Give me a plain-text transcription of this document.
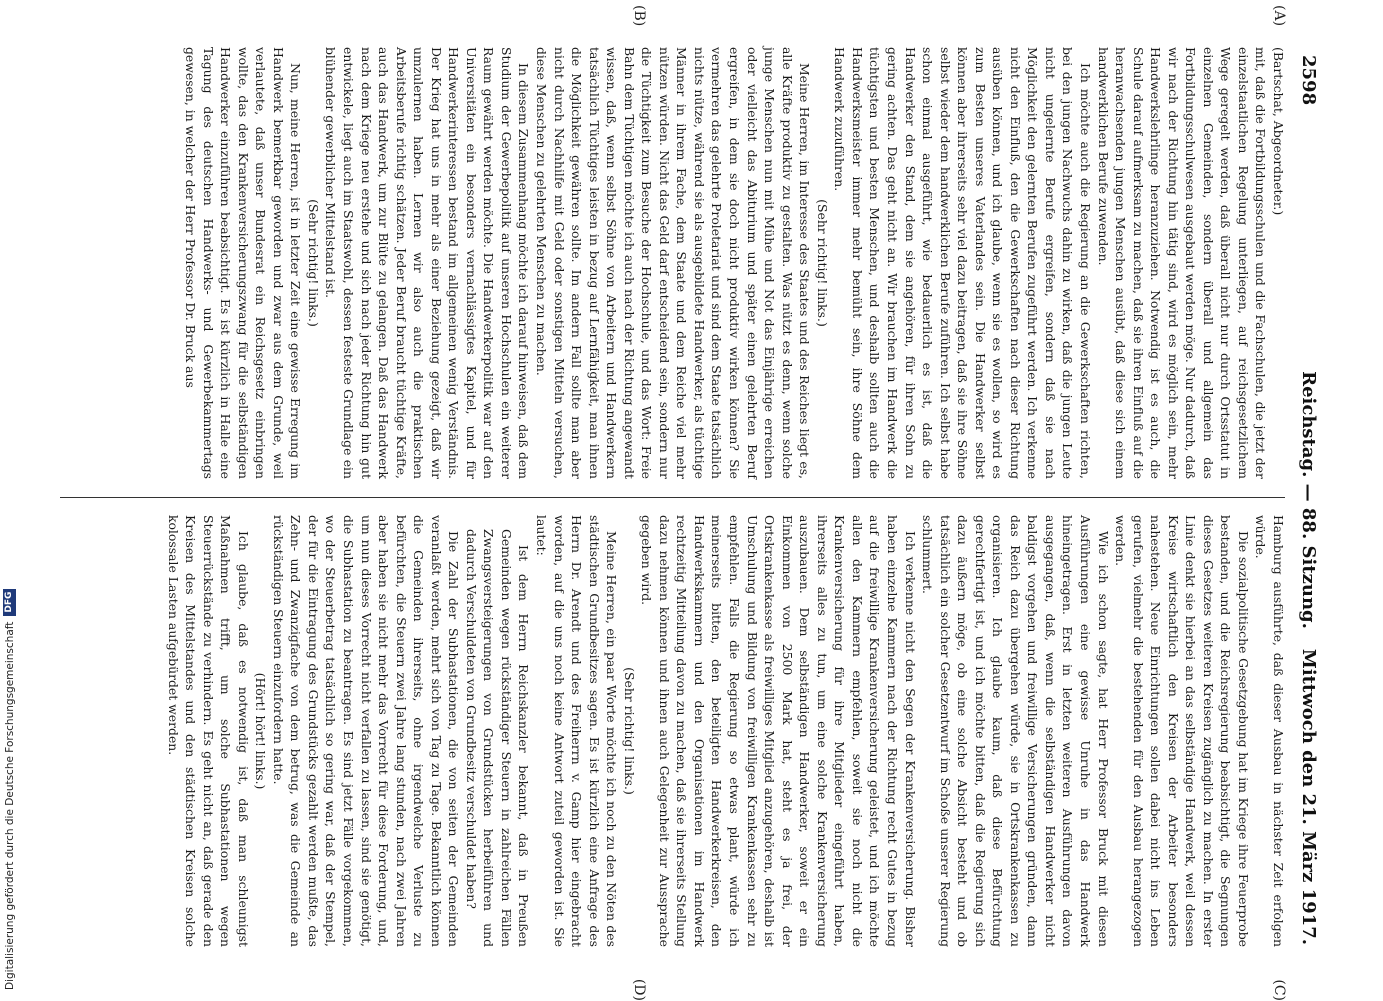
2598
Reichstag. — 88. Sitzung.
Mittwoch den 21. März 1917.
(A)
(B)
(C)
(D)

(Bartschat, Abgeordneter.)

mit, daß die Fortbildungsschulen und die Fachschulen, die jetzt der einzelstaatlichen Regelung unterliegen, auf reichsgesetzlichem Wege geregelt werden, daß überall nicht nur durch Ortsstatut in einzelnen Gemeinden, sondern überall und allgemein das Fortbildungsschulwesen ausgebaut werden möge. Nur dadurch, daß wir nach der Richtung hin tätig sind, wird es möglich sein, mehr Handwerkslehrlinge heranzuziehen. Notwendig ist es auch, die Schule darauf aufmerksam zu machen, daß sie ihren Einfluß auf die heranwachsenden jungen Menschen ausübt, daß diese sich einem handwerklichen Berufe zuwenden.

Ich möchte auch die Regierung an die Gewerkschaften richten, bei den jungen Nachwuchs dahin zu wirken, daß die jungen Leute nicht ungelernte Berufe ergreifen, sondern daß sie nach Möglichkeit den gelernten Berufen zugeführt werden. Ich verkenne nicht den Einfluß, den die Gewerkschaften nach dieser Richtung ausüben können, und ich glaube, wenn sie es wollen, so wird es zum Besten unseres Vaterlandes sein. Die Handwerker selbst können aber ihrerseits sehr viel dazu beitragen, daß sie ihre Söhne selbst wieder dem handwerklichen Berufe zuführen. Ich selbst habe schon einmal ausgeführt, wie bedauerlich es ist, daß die Handwerker den Stand, dem sie angehören, für ihren Sohn zu gering achten. Das geht nicht an. Wir brauchen im Handwerk die tüchtigsten und besten Menschen, und deshalb sollten auch die Handwerksmeister immer mehr bemüht sein, ihre Söhne dem Handwerk zuzuführen.

(Sehr richtig! links.)

Meine Herren, im Interesse des Staates und des Reiches liegt es, alle Kräfte produktiv zu gestalten. Was nützt es denn, wenn solche junge Menschen nun mit Mühe und Not das Einjährige erreichen oder vielleicht das Abiturium und später einen gelehrten Beruf ergreifen, in dem sie doch nicht produktiv wirken können? Sie vermehren das gelehrte Proletariat und sind dem Staate tatsächlich nichts nütze, während sie als ausgebildete Handwerker, als tüchtige Männer in ihrem Fache, dem Staate und dem Reiche viel mehr nützen würden. Nicht das Geld darf entscheidend sein, sondern nur die Tüchtigkeit zum Besuche der Hochschule, und das Wort: Freie Bahn dem Tüchtigen möchte ich auch nach der Richtung angewandt wissen, daß, wenn selbst Söhne von Arbeitern und Handwerkern tatsächlich Tüchtiges leisten in bezug auf Lernfähigkeit, man ihnen die Möglichkeit gewähren sollte. Im andern Fall sollte man aber nicht durch Nachhilfe mit Geld oder sonstigen Mitteln versuchen, diese Menschen zu gelehrten Menschen zu machen.

In diesem Zusammenhang möchte ich darauf hinweisen, daß dem Studium der Gewerbepolitik auf unseren Hochschulen ein weiterer Raum gewährt werden möchte. Die Handwerkerpolitik war auf den Universitäten ein besonders vernachlässigtes Kapitel, und für Handwerkerinteressen bestand im allgemeinen wenig Verständnis. Der Krieg hat uns in mehr als einer Beziehung gezeigt, daß wir umzulernen haben. Lernen wir also auch die praktischen Arbeitsberufe richtig schätzen. Jeder Beruf braucht tüchtige Kräfte, auch das Handwerk, um zur Blüte zu gelangen. Daß das Handwerk nach dem Kriege neu erstehe und sich nach jeder Richtung hin gut entwickele, liegt auch im Staatswohl, dessen festeste Grundlage ein blühender gewerblicher Mittelstand ist.

(Sehr richtig! links.)

Nun, meine Herren, ist in letzter Zeit eine gewisse Erregung im Handwerk bemerkbar geworden und zwar aus dem Grunde, weil verlautete, daß unser Bundesrat ein Reichsgesetz einbringen wollte, das den Krankenversicherungszwang für die selbständigen Handwerker einzuführen beabsichtigt. Es ist kürzlich in Halle eine Tagung des deutschen Handwerks- und Gewerbekammertags gewesen, in welcher der Herr Professor Dr. Bruck aus

Hamburg ausführte, daß dieser Ausbau in nächster Zeit erfolgen würde.

Die sozialpolitische Gesetzgebung hat im Kriege ihre Feuerprobe bestanden, und die Reichsregierung beabsichtigt, die Segnungen dieses Gesetzes weiteren Kreisen zugänglich zu machen. In erster Linie denkt sie hierbei an das selbständige Handwerk, weil dessen Kreise wirtschaftlich den Kreisen der Arbeiter besonders nahestehen. Neue Einrichtungen sollen dabei nicht ins Leben gerufen, vielmehr die bestehenden für den Ausbau herangezogen werden.

Wie ich schon sagte, hat Herr Professor Bruck mit diesen Ausführungen eine gewisse Unruhe in das Handwerk hineingetragen. Erst in letzten weiteren Ausführungen davon ausgegangen, daß, wenn die selbständigen Handwerker nicht baldigst vorgehen und freiwillige Versicherungen gründen, dann das Reich dazu übergehen würde, sie in Ortskrankenkassen zu organisieren. Ich glaube kaum, daß diese Befürchtung gerechtfertigt ist, und ich möchte bitten, daß die Regierung sich dazu äußern möge, ob eine solche Absicht besteht und ob tatsächlich ein solcher Gesetzentwurf im Schoße unserer Regierung schlummert.

Ich verkenne nicht den Segen der Krankenversicherung. Bisher haben einzelne Kammern nach der Richtung recht Gutes in bezug auf die freiwillige Krankenversicherung geleistet, und ich möchte allen den Kammern empfehlen, soweit sie noch nicht die Krankenversicherung für ihre Mitglieder eingeführt haben, ihrerseits alles zu tun, um eine solche Krankenversicherung auszubauen. Dem selbständigen Handwerker, soweit er ein Einkommen von 2500 Mark hat, steht es ja frei, der Ortskrankenkasse als freiwilliges Mitglied anzugehören, deshalb ist Umschulung und Bildung von freiwilligen Krankenkassen sehr zu empfehlen. Falls die Regierung so etwas plant, würde ich meinerseits bitten, den beteiligten Handwerkerkreisen, den Handwerkskammern und den Organisationen im Handwerk rechtzeitig Mitteilung davon zu machen, daß sie ihrerseits Stellung dazu nehmen können und ihnen auch Gelegenheit zur Aussprache gegeben wird.

(Sehr richtig! links.)

Meine Herren, ein paar Worte möchte ich noch zu den Nöten des städtischen Grundbesitzes sagen. Es ist kürzlich eine Anfrage des Herrn Dr. Arendt und des Freiherrn v. Gamp hier eingebracht worden, auf die uns noch keine Antwort zuteil geworden ist. Sie lautet:

Ist dem Herrn Reichskanzler bekannt, daß in Preußen Gemeinden wegen rückständiger Steuern in zahlreichen Fällen Zwangsversteigerungen von Grundstücken herbeiführen und dadurch Verschuldeten von Grundbesitz verschuldet haben?

Die Zahl der Subhastationen, die von seiten der Gemeinden veranlaßt werden, mehrt sich von Tag zu Tage. Bekanntlich können die Gemeinden ihrerseits, ohne irgendwelche Verluste zu befürchten, die Steuern zwei Jahre lang stunden, nach zwei Jahren aber haben sie nicht mehr das Vorrecht für diese Forderung, und, um nun dieses Vorrecht nicht verfallen zu lassen, sind sie genötigt, die Subhastation zu beantragen. Es sind jetzt Fälle vorgekommen, wo der Steuerbetrag tatsächlich so gering war, daß der Stempel, der für die Eintragung des Grundstücks gezahlt werden mußte, das Zehn- und Zwanzigfache von dem betrug, was die Gemeinde an rückständigen Steuern einzufordern hatte.

(Hört! hört! links.)

Ich glaube, daß es notwendig ist, daß man schleunigst Maßnahmen trifft, um solche Subhastationen wegen Steuerrückstände zu verhindern. Es geht nicht an, daß gerade den Kreisen des Mittelstandes und den städtischen Kreisen solche kolossale Lasten aufgebürdet werden.

Digitalisierung gefördert durch die Deutsche ForschungsgemeinschaftDFG
